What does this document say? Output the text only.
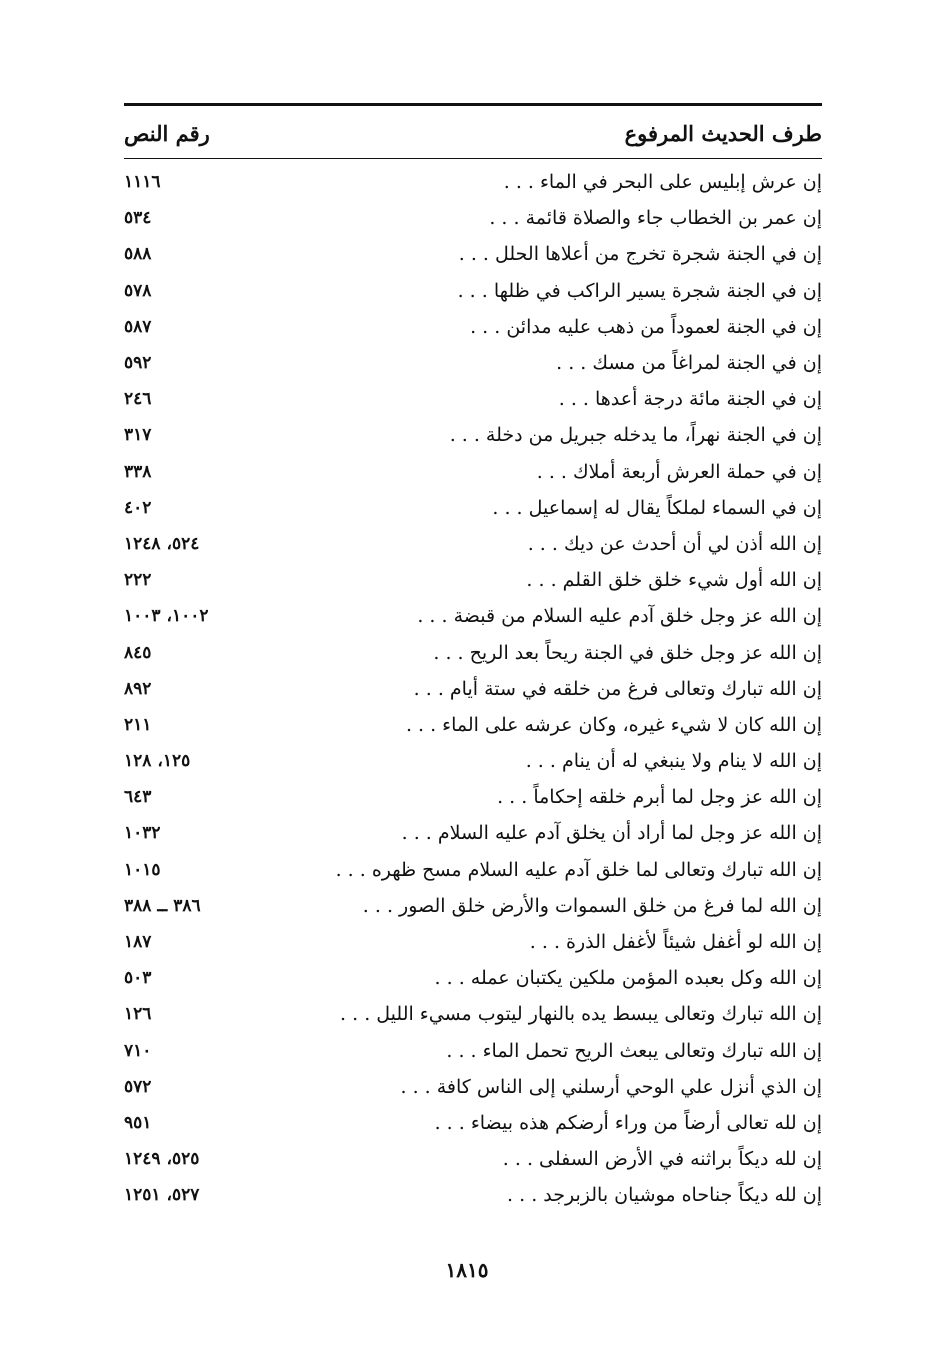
طرف الحديث المرفوع
رقم النص
إن عرش إبليس على البحر في الماء . . .
١١١٦
إن عمر بن الخطاب جاء والصلاة قائمة . . .
٥٣٤
إن في الجنة شجرة تخرج من أعلاها الحلل . . .
٥٨٨
إن في الجنة شجرة يسير الراكب في ظلها . . .
٥٧٨
إن في الجنة لعموداً من ذهب عليه مدائن . . .
٥٨٧
إن في الجنة لمراغاً من مسك . . .
٥٩٢
إن في الجنة مائة درجة أعدها . . .
٢٤٦
إن في الجنة نهراً، ما يدخله جبريل من دخلة . . .
٣١٧
إن في حملة العرش أربعة أملاك . . .
٣٣٨
إن في السماء لملكاً يقال له إسماعيل . . .
٤٠٢
إن الله أذن لي أن أحدث عن ديك . . .
٥٢٤، ١٢٤٨
إن الله أول شيء خلق خلق القلم . . .
٢٢٢
إن الله عز وجل خلق آدم عليه السلام من قبضة . . .
١٠٠٢، ١٠٠٣
إن الله عز وجل خلق في الجنة ريحاً بعد الريح . . .
٨٤٥
إن الله تبارك وتعالى فرغ من خلقه في ستة أيام . . .
٨٩٢
إن الله كان لا شيء غيره، وكان عرشه على الماء . . .
٢١١
إن الله لا ينام ولا ينبغي له أن ينام . . .
١٢٥، ١٢٨
إن الله عز وجل لما أبرم خلقه إحكاماً . . .
٦٤٣
إن الله عز وجل لما أراد أن يخلق آدم عليه السلام . . .
١٠٣٢
إن الله تبارك وتعالى لما خلق آدم عليه السلام مسح ظهره . . .
١٠١٥
إن الله لما فرغ من خلق السموات والأرض خلق الصور . . .
٣٨٦ ــ ٣٨٨
إن الله لو أغفل شيئاً لأغفل الذرة . . .
١٨٧
إن الله وكل بعبده المؤمن ملكين يكتبان عمله . . .
٥٠٣
إن الله تبارك وتعالى يبسط يده بالنهار ليتوب مسيء الليل . . .
١٢٦
إن الله تبارك وتعالى يبعث الريح تحمل الماء . . .
٧١٠
إن الذي أنزل علي الوحي أرسلني إلى الناس كافة . . .
٥٧٢
إن لله تعالى أرضاً من وراء أرضكم هذه بيضاء . . .
٩٥١
إن لله ديكاً براثنه في الأرض السفلى . . .
٥٢٥، ١٢٤٩
إن لله ديكاً جناحاه موشيان بالزبرجد . . .
٥٢٧، ١٢٥١
١٨١٥
